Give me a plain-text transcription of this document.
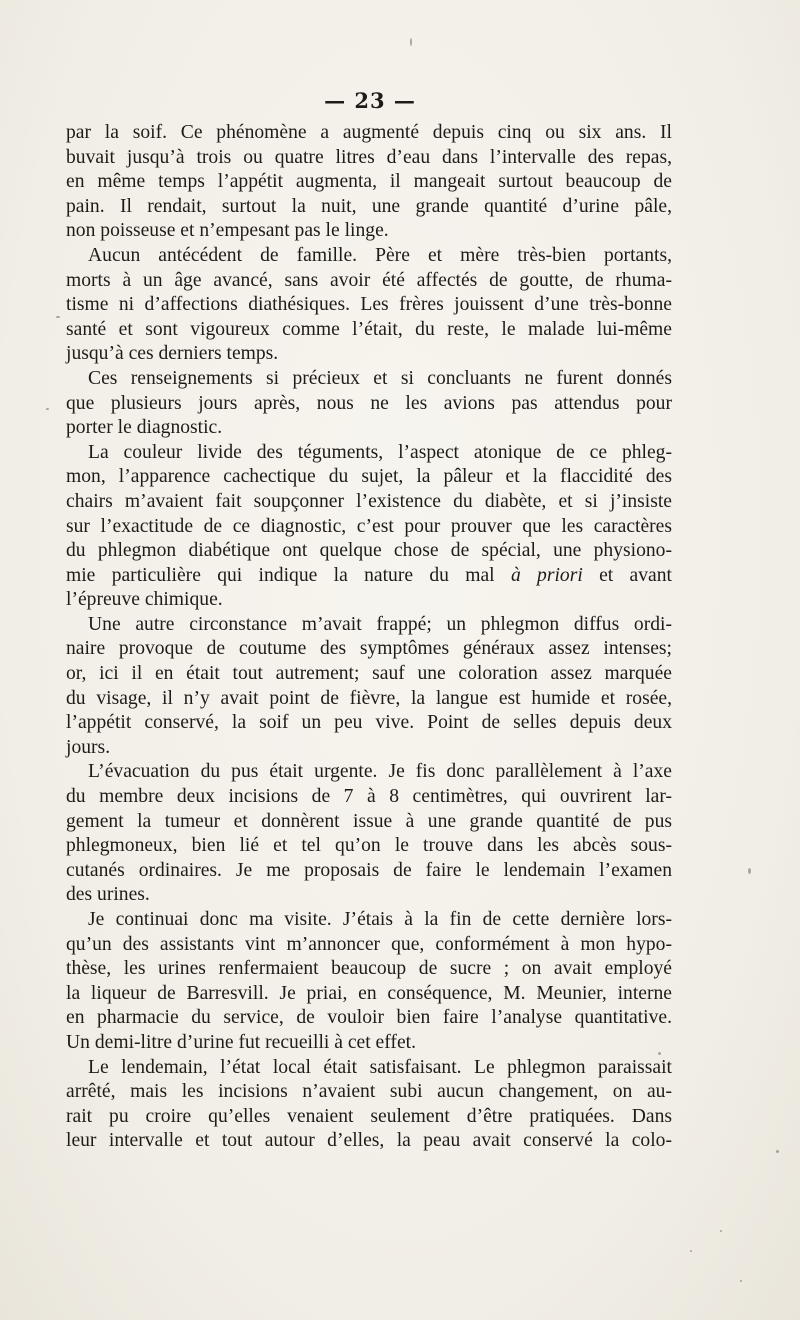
— 23 —
par la soif. Ce phénomène a augmenté depuis cinq ou six ans. Il
buvait jusqu’à trois ou quatre litres d’eau dans l’intervalle des repas,
en même temps l’appétit augmenta, il mangeait surtout beaucoup de
pain. Il rendait, surtout la nuit, une grande quantité d’urine pâle,
non poisseuse et n’empesant pas le linge.
Aucun antécédent de famille. Père et mère très-bien portants,
morts à un âge avancé, sans avoir été affectés de goutte, de rhuma-
tisme ni d’affections diathésiques. Les frères jouissent d’une très-bonne
santé et sont vigoureux comme l’était, du reste, le malade lui-même
jusqu’à ces derniers temps.
Ces renseignements si précieux et si concluants ne furent donnés
que plusieurs jours après, nous ne les avions pas attendus pour
porter le diagnostic.
La couleur livide des téguments, l’aspect atonique de ce phleg-
mon, l’apparence cachectique du sujet, la pâleur et la flaccidité des
chairs m’avaient fait soupçonner l’existence du diabète, et si j’insiste
sur l’exactitude de ce diagnostic, c’est pour prouver que les caractères
du phlegmon diabétique ont quelque chose de spécial, une physiono-
mie particulière qui indique la nature du mal à priori et avant
l’épreuve chimique.
Une autre circonstance m’avait frappé; un phlegmon diffus ordi-
naire provoque de coutume des symptômes généraux assez intenses;
or, ici il en était tout autrement; sauf une coloration assez marquée
du visage, il n’y avait point de fièvre, la langue est humide et rosée,
l’appétit conservé, la soif un peu vive. Point de selles depuis deux
jours.
L’évacuation du pus était urgente. Je fis donc parallèlement à l’axe
du membre deux incisions de 7 à 8 centimètres, qui ouvrirent lar-
gement la tumeur et donnèrent issue à une grande quantité de pus
phlegmoneux, bien lié et tel qu’on le trouve dans les abcès sous-
cutanés ordinaires. Je me proposais de faire le lendemain l’examen
des urines.
Je continuai donc ma visite. J’étais à la fin de cette dernière lors-
qu’un des assistants vint m’annoncer que, conformément à mon hypo-
thèse, les urines renfermaient beaucoup de sucre ; on avait employé
la liqueur de Barresvill. Je priai, en conséquence, M. Meunier, interne
en pharmacie du service, de vouloir bien faire l’analyse quantitative.
Un demi-litre d’urine fut recueilli à cet effet.
Le lendemain, l’état local était satisfaisant. Le phlegmon paraissait
arrêté, mais les incisions n’avaient subi aucun changement, on au-
rait pu croire qu’elles venaient seulement d’être pratiquées. Dans
leur intervalle et tout autour d’elles, la peau avait conservé la colo-
